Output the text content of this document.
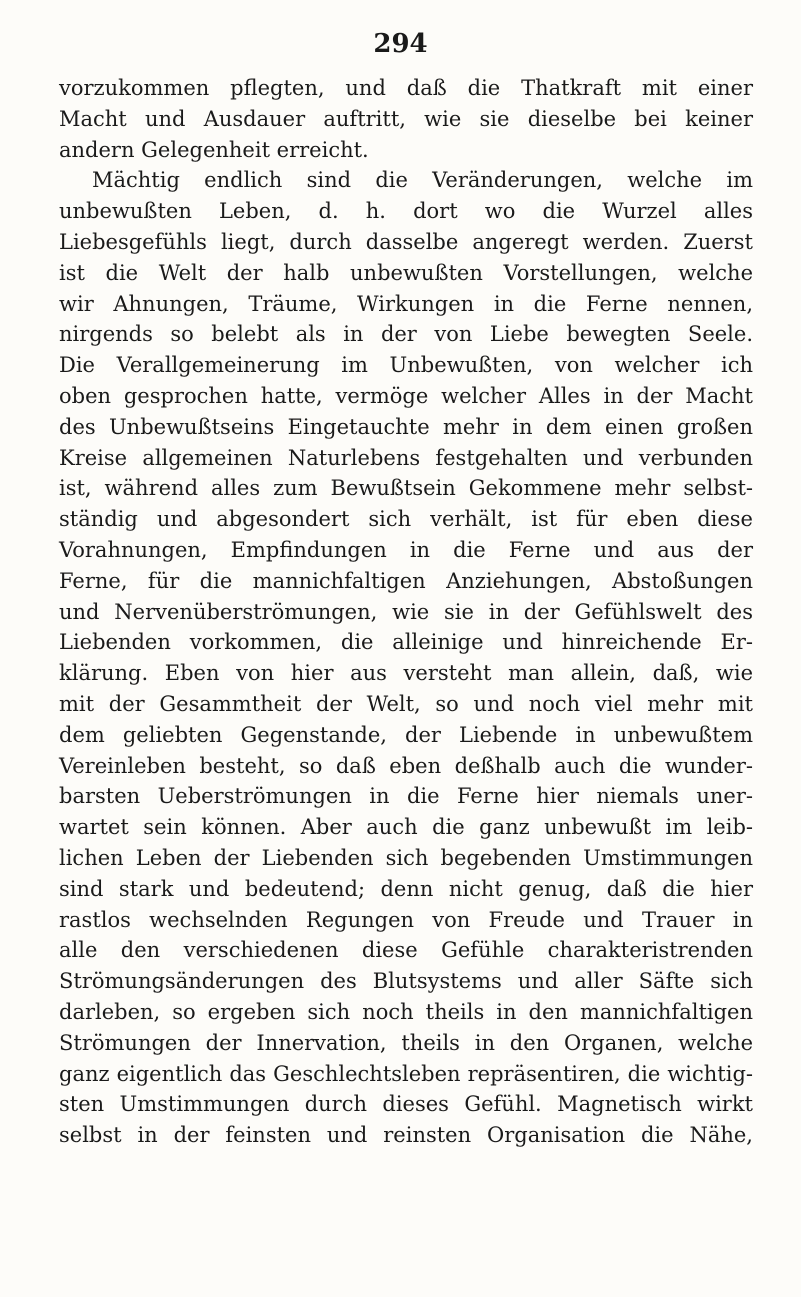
294
vorzukommen pflegten, und daß die Thatkraft mit einer
Macht und Ausdauer auftritt, wie sie dieselbe bei keiner
andern Gelegenheit erreicht.
Mächtig endlich sind die Veränderungen, welche im
unbewußten Leben, d. h. dort wo die Wurzel alles
Liebesgefühls liegt, durch dasselbe angeregt werden. Zuerst
ist die Welt der halb unbewußten Vorstellungen, welche
wir Ahnungen, Träume, Wirkungen in die Ferne nennen,
nirgends so belebt als in der von Liebe bewegten Seele.
Die Verallgemeinerung im Unbewußten, von welcher ich
oben gesprochen hatte, vermöge welcher Alles in der Macht
des Unbewußtseins Eingetauchte mehr in dem einen großen
Kreise allgemeinen Naturlebens festgehalten und verbunden
ist, während alles zum Bewußtsein Gekommene mehr selbst-
ständig und abgesondert sich verhält, ist für eben diese
Vorahnungen, Empfindungen in die Ferne und aus der
Ferne, für die mannichfaltigen Anziehungen, Abstoßungen
und Nervenüberströmungen, wie sie in der Gefühlswelt des
Liebenden vorkommen, die alleinige und hinreichende Er-
klärung. Eben von hier aus versteht man allein, daß, wie
mit der Gesammtheit der Welt, so und noch viel mehr mit
dem geliebten Gegenstande, der Liebende in unbewußtem
Vereinleben besteht, so daß eben deßhalb auch die wunder-
barsten Ueberströmungen in die Ferne hier niemals uner-
wartet sein können. Aber auch die ganz unbewußt im leib-
lichen Leben der Liebenden sich begebenden Umstimmungen
sind stark und bedeutend; denn nicht genug, daß die hier
rastlos wechselnden Regungen von Freude und Trauer in
alle den verschiedenen diese Gefühle charakteristrenden
Strömungsänderungen des Blutsystems und aller Säfte sich
darleben, so ergeben sich noch theils in den mannichfaltigen
Strömungen der Innervation, theils in den Organen, welche
ganz eigentlich das Geschlechtsleben repräsentiren, die wichtig-
sten Umstimmungen durch dieses Gefühl. Magnetisch wirkt
selbst in der feinsten und reinsten Organisation die Nähe,
